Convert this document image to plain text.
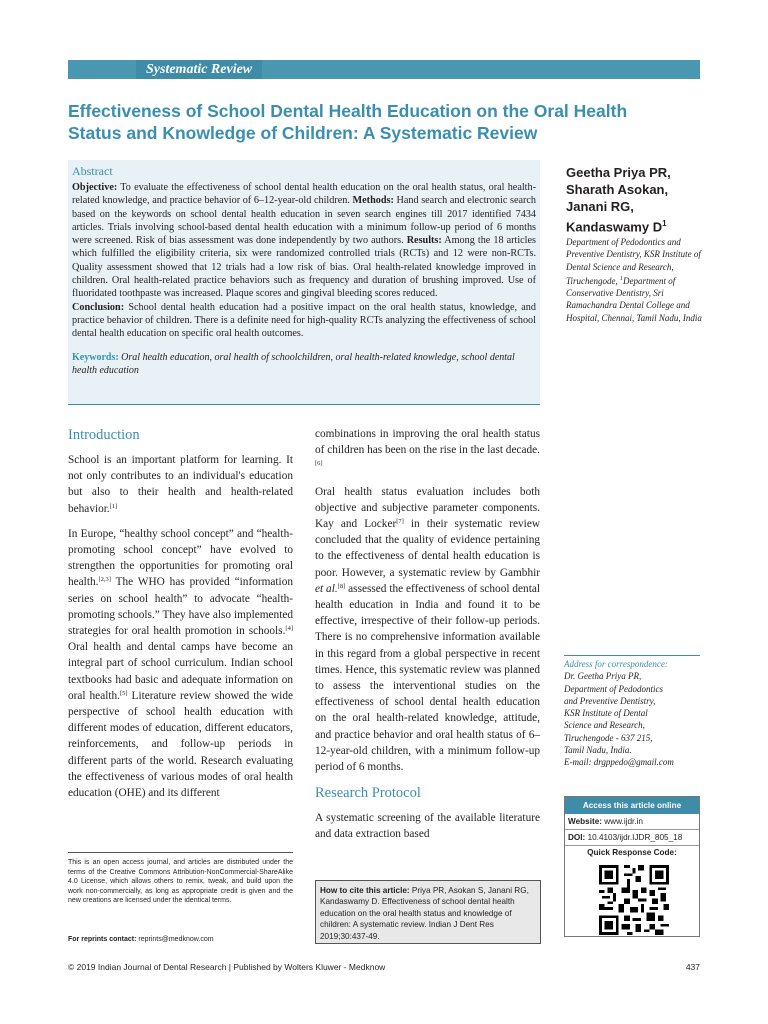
Systematic Review
Effectiveness of School Dental Health Education on the Oral Health Status and Knowledge of Children: A Systematic Review
Abstract
Objective: To evaluate the effectiveness of school dental health education on the oral health status, oral health-related knowledge, and practice behavior of 6–12-year-old children. Methods: Hand search and electronic search based on the keywords on school dental health education in seven search engines till 2017 identified 7434 articles. Trials involving school-based dental health education with a minimum follow-up period of 6 months were screened. Risk of bias assessment was done independently by two authors. Results: Among the 18 articles which fulfilled the eligibility criteria, six were randomized controlled trials (RCTs) and 12 were non-RCTs. Quality assessment showed that 12 trials had a low risk of bias. Oral health-related knowledge improved in children. Oral health-related practice behaviors such as frequency and duration of brushing improved. Use of fluoridated toothpaste was increased. Plaque scores and gingival bleeding scores reduced.
Conclusion: School dental health education had a positive impact on the oral health status, knowledge, and practice behavior of children. There is a definite need for high-quality RCTs analyzing the effectiveness of school dental health education on specific oral health outcomes.
Keywords: Oral health education, oral health of schoolchildren, oral health-related knowledge, school dental health education
Geetha Priya PR, Sharath Asokan, Janani RG, Kandaswamy $D^1$
Department of Pedodontics and Preventive Dentistry, KSR Institute of Dental Science and Research, Tiruchengode, $^1$Department of Conservative Dentistry, Sri Ramachandra Dental College and Hospital, Chennai, Tamil Nadu, India
Introduction

School is an important platform for learning. It not only contributes to an individual's education but also to their health and health-related behavior.[1]

In Europe, “healthy school concept” and “health-promoting school concept” have evolved to strengthen the opportunities for promoting oral health.[2,3] The WHO has provided “information series on school health” to advocate “health-promoting schools.” They have also implemented strategies for oral health promotion in schools.[4] Oral health and dental camps have become an integral part of school curriculum. Indian school textbooks had basic and adequate information on oral health.[5] Literature review showed the wide perspective of school health education with different modes of education, different educators, reinforcements, and follow-up periods in different parts of the world. Research evaluating the effectiveness of various modes of oral health education (OHE) and its different

combinations in improving the oral health status of children has been on the rise in the last decade.[6]

Oral health status evaluation includes both objective and subjective parameter components. Kay and Locker[7] in their systematic review concluded that the quality of evidence pertaining to the effectiveness of dental health education is poor. However, a systematic review by Gambhir et al.[8] assessed the effectiveness of school dental health education in India and found it to be effective, irrespective of their follow-up periods. There is no comprehensive information available in this regard from a global perspective in recent times. Hence, this systematic review was planned to assess the interventional studies on the effectiveness of school dental health education on the oral health-related knowledge, attitude, and practice behavior and oral health status of 6–12-year-old children, with a minimum follow-up period of 6 months.

Research Protocol

A systematic screening of the available literature and data extraction based

This is an open access journal, and articles are distributed under the terms of the Creative Commons Attribution-NonCommercial-ShareAlike 4.0 License, which allows others to remix, tweak, and build upon the work non-commercially, as long as appropriate credit is given and the new creations are licensed under the identical terms.
For reprints contact: reprints@medknow.com
How to cite this article: Priya PR, Asokan S, Janani RG, Kandaswamy D. Effectiveness of school dental health education on the oral health status and knowledge of children: A systematic review. Indian J Dent Res 2019;30:437-49.
Address for correspondence:
Dr. Geetha Priya PR,
Department of Pedodontics
and Preventive Dentistry,
KSR Institute of Dental
Science and Research,
Tiruchengode - 637 215,
Tamil Nadu, India.
E-mail: drgppedo@gmail.com
Access this article online
Website: www.ijdr.in
DOI: 10.4103/ijdr.IJDR_805_18
Quick Response Code:
© 2019 Indian Journal of Dental Research | Published by Wolters Kluwer - Medknow	437
